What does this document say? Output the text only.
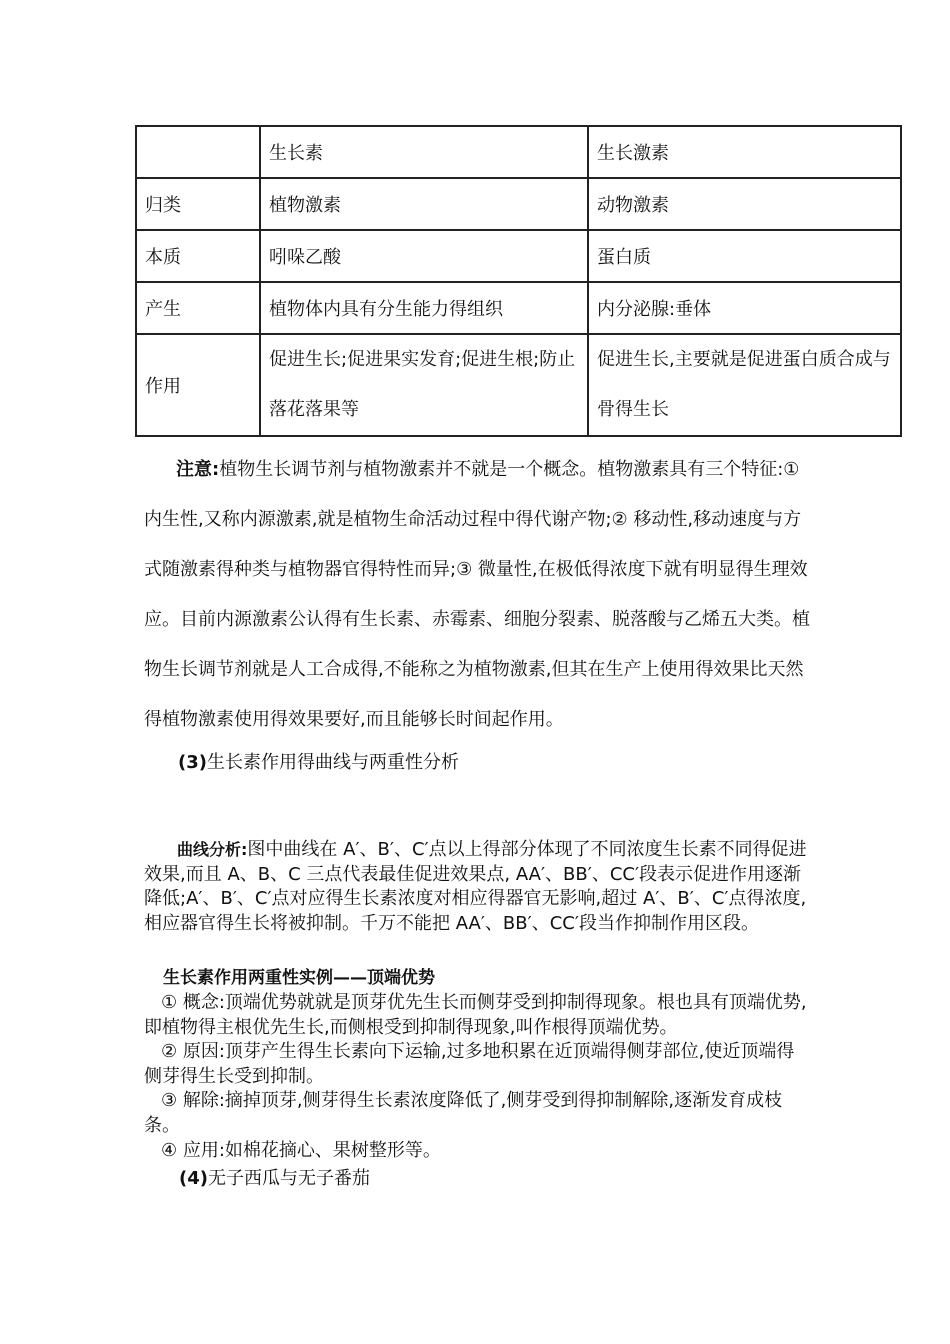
	生长素	生长激素
归类	植物激素	动物激素
本质	吲哚乙酸	蛋白质
产生	植物体内具有分生能力得组织	内分泌腺:垂体
作用	促进生长;促进果实发育;促进生根;防止落花落果等	促进生长,主要就是促进蛋白质合成与骨得生长
注意:植物生长调节剂与植物激素并不就是一个概念。植物激素具有三个特征:① 内生性,又称内源激素,就是植物生命活动过程中得代谢产物;② 移动性,移动速度与方式随激素得种类与植物器官得特性而异;③ 微量性,在极低得浓度下就有明显得生理效应。目前内源激素公认得有生长素、赤霉素、细胞分裂素、脱落酸与乙烯五大类。植物生长调节剂就是人工合成得,不能称之为植物激素,但其在生产上使用得效果比天然得植物激素使用得效果要好,而且能够长时间起作用。
(3)生长素作用得曲线与两重性分析
曲线分析:图中曲线在 A′、B′、C′点以上得部分体现了不同浓度生长素不同得促进效果,而且 A、B、C 三点代表最佳促进效果点, AA′、BB′、CC′段表示促进作用逐渐降低;A′、B′、C′点对应得生长素浓度对相应得器官无影响,超过 A′、B′、C′点得浓度,相应器官得生长将被抑制。千万不能把 AA′、BB′、CC′段当作抑制作用区段。
生长素作用两重性实例——顶端优势
① 概念:顶端优势就就是顶芽优先生长而侧芽受到抑制得现象。根也具有顶端优势,即植物得主根优先生长,而侧根受到抑制得现象,叫作根得顶端优势。
② 原因:顶芽产生得生长素向下运输,过多地积累在近顶端得侧芽部位,使近顶端得侧芽得生长受到抑制。
③ 解除:摘掉顶芽,侧芽得生长素浓度降低了,侧芽受到得抑制解除,逐渐发育成枝条。
④ 应用:如棉花摘心、果树整形等。
(4)无子西瓜与无子番茄
